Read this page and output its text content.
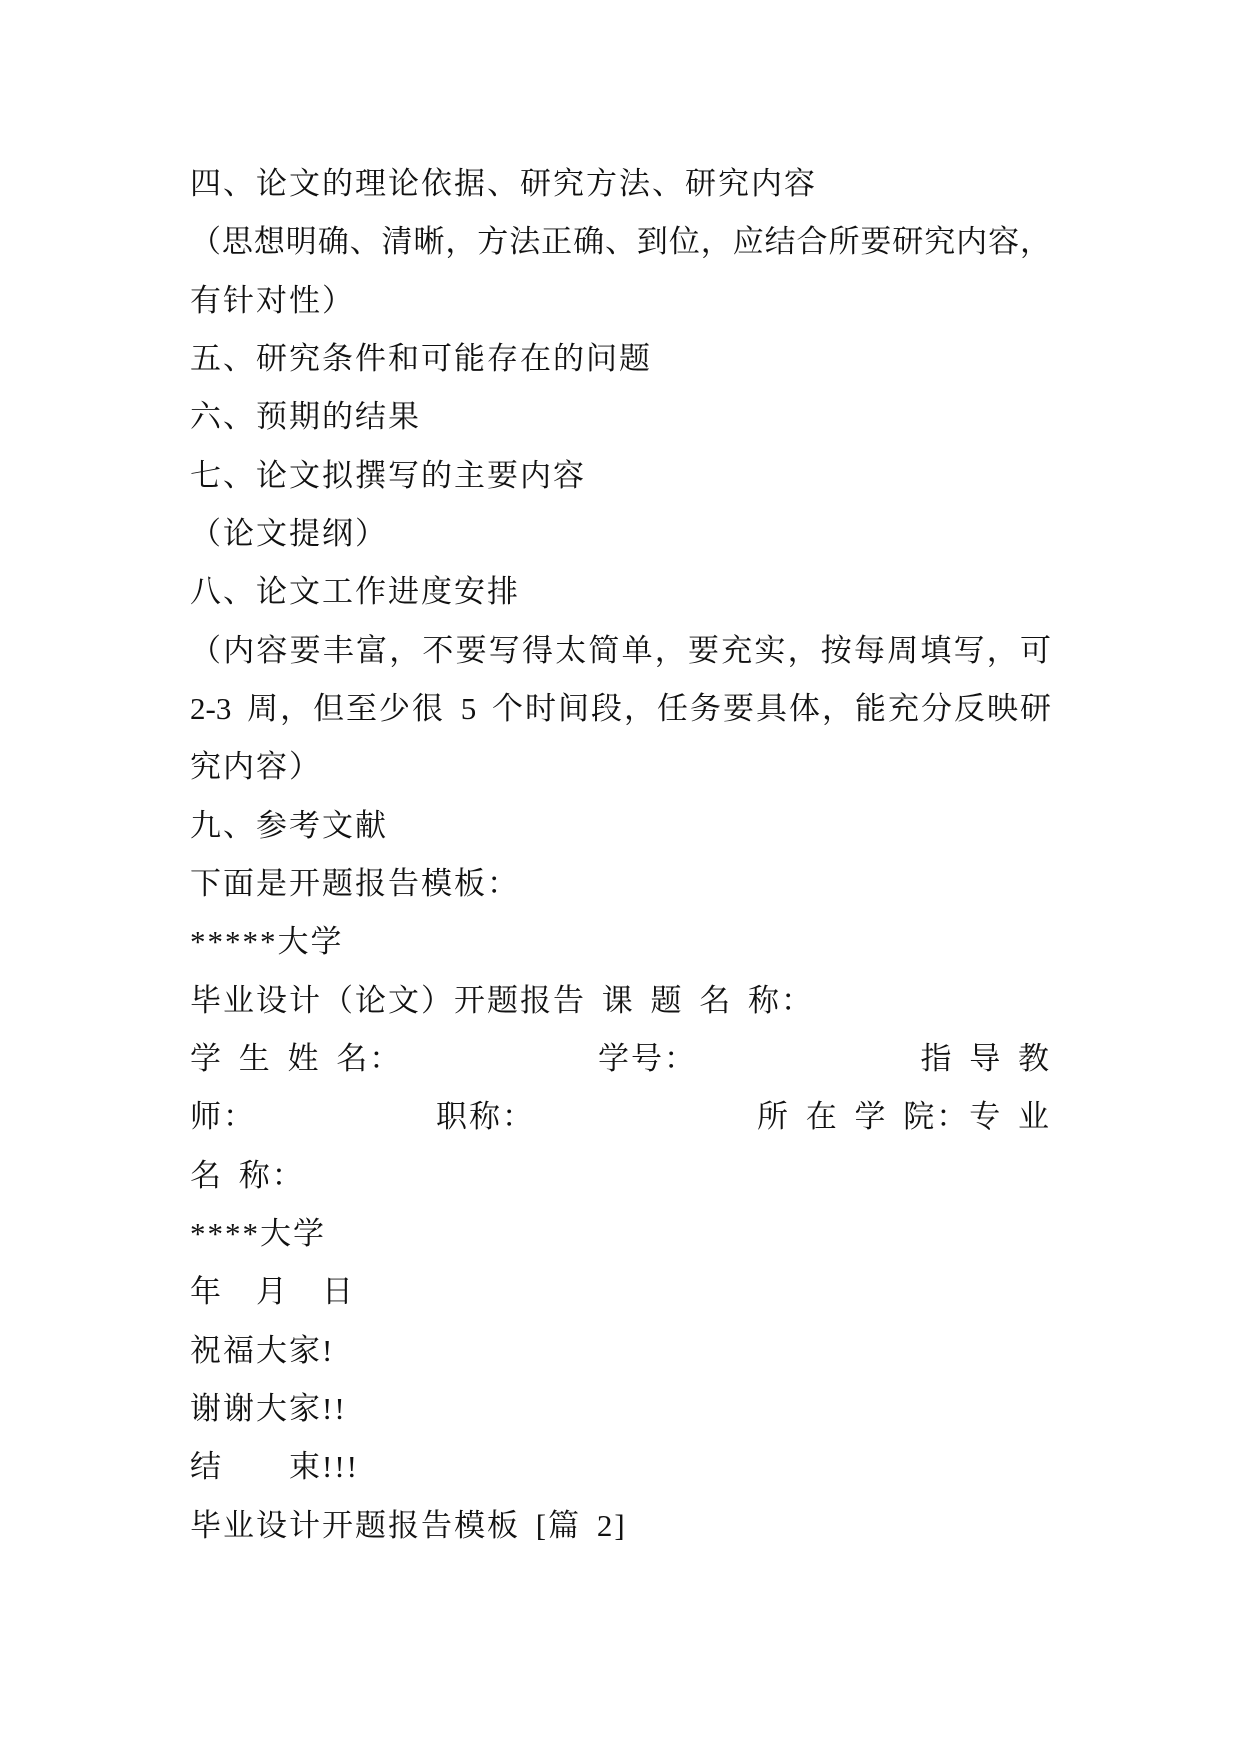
四、论文的理论依据、研究方法、研究内容
（思想明确、清晰，方法正确、到位，应结合所要研究内容，
有针对性）
五、研究条件和可能存在的问题
六、预期的结果
七、论文拟撰写的主要内容
（论文提纲）
八、论文工作进度安排
（内容要丰富，不要写得太简单，要充实，按每周填写，可
2-3 周，但至少很 5 个时间段，任务要具体，能充分反映研
究内容）
九、参考文献
下面是开题报告模板：
*****大学
毕业设计（论文）开题报告 课 题 名 称：

学 生 姓 名：

	学号：

	指 导 教

师：

	职称：

	所 在 学 院：专 业

名 称：
****大学
年　月　日
祝福大家!
谢谢大家!!
结　　束!!!
毕业设计开题报告模板 [篇 2]
